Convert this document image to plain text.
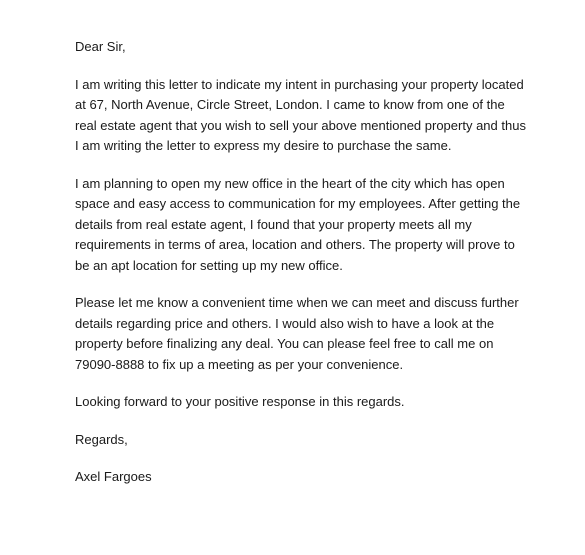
Dear Sir,
I am writing this letter to indicate my intent in purchasing your property located
at 67, North Avenue, Circle Street, London. I came to know from one of the
real estate agent that you wish to sell your above mentioned property and thus
I am writing the letter to express my desire to purchase the same.
I am planning to open my new office in the heart of the city which has open
space and easy access to communication for my employees. After getting the
details from real estate agent, I found that your property meets all my
requirements in terms of area, location and others. The property will prove to
be an apt location for setting up my new office.
Please let me know a convenient time when we can meet and discuss further
details regarding price and others. I would also wish to have a look at the
property before finalizing any deal. You can please feel free to call me on
79090-8888 to fix up a meeting as per your convenience.
Looking forward to your positive response in this regards.
Regards,
Axel Fargoes
